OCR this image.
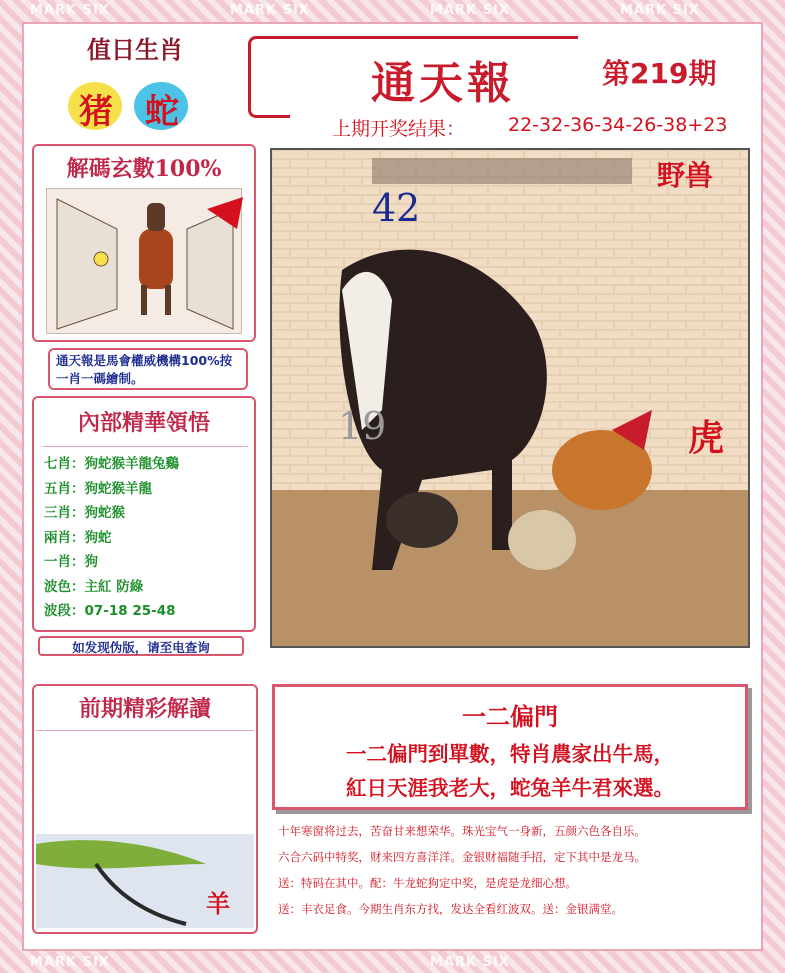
MARK SIX	MARK SIX	MARK SIX	MARK SIX
MARK SIX	MARK SIX
值日生肖
猪 蛇
通天報	第219期
上期开奖结果： 22-32-36-34-26-38+23
解碼玄數100%
通天報是馬會權威機構100%按一肖一碼繪制。
內部精華領悟
七肖：狗蛇猴羊龍兔鷄
五肖：狗蛇猴羊龍
三肖：狗蛇猴
兩肖：狗蛇
一肖：狗
波色：主紅 防綠
波段：07-18 25-48
如发现伪版，请至电查询
野兽
42
19	虎
前期精彩解讀
羊
一二偏門
一二偏門到單數，特肖農家出牛馬，
紅日天涯我老大，蛇兔羊牛君來選。
十年寒窗将过去，苦奋甘来想荣华。珠光宝气一身新，五颜六色各自乐。
六合六码中特奖，财来四方喜洋洋。金银财福随手招，定下其中是龙马。
送：特码在其中。配：牛龙蛇狗定中奖，是虎是龙细心想。
送：丰衣足食。今期生肖东方找，发达全看红波双。送：金银满堂。
